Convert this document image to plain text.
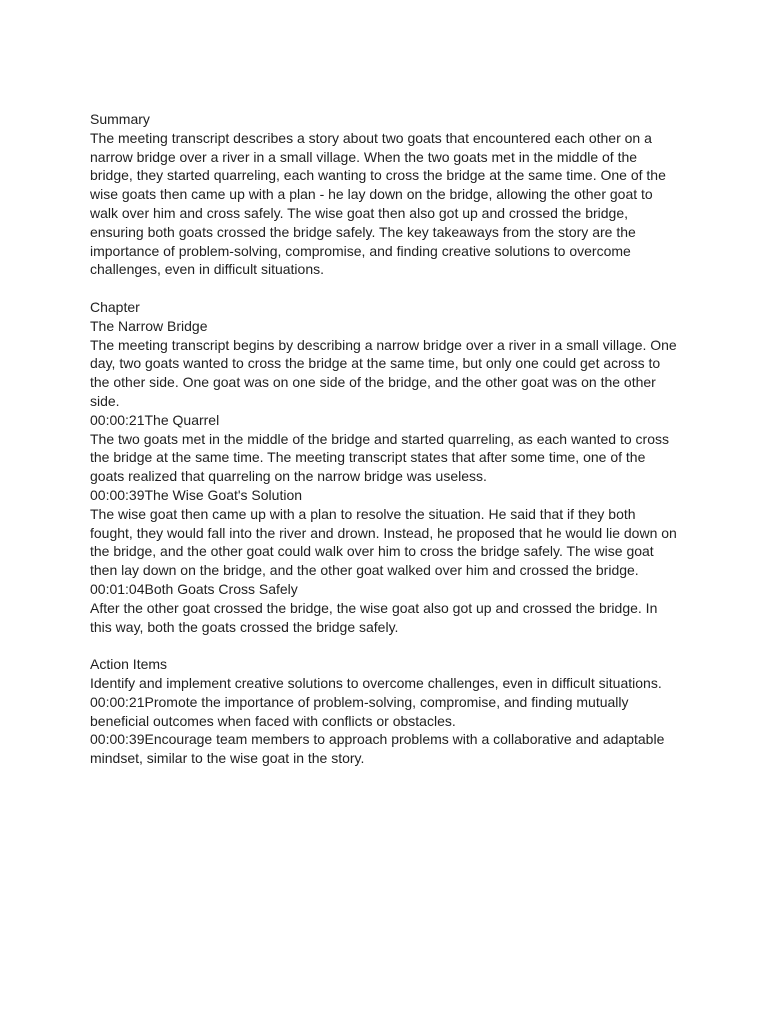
Summary
The meeting transcript describes a story about two goats that encountered each other on a narrow bridge over a river in a small village. When the two goats met in the middle of the bridge, they started quarreling, each wanting to cross the bridge at the same time. One of the wise goats then came up with a plan - he lay down on the bridge, allowing the other goat to walk over him and cross safely. The wise goat then also got up and crossed the bridge, ensuring both goats crossed the bridge safely. The key takeaways from the story are the importance of problem-solving, compromise, and finding creative solutions to overcome challenges, even in difficult situations.
Chapter
The Narrow Bridge
The meeting transcript begins by describing a narrow bridge over a river in a small village. One day, two goats wanted to cross the bridge at the same time, but only one could get across to the other side. One goat was on one side of the bridge, and the other goat was on the other side.
00:00:21The Quarrel
The two goats met in the middle of the bridge and started quarreling, as each wanted to cross the bridge at the same time. The meeting transcript states that after some time, one of the goats realized that quarreling on the narrow bridge was useless.
00:00:39The Wise Goat's Solution
The wise goat then came up with a plan to resolve the situation. He said that if they both fought, they would fall into the river and drown. Instead, he proposed that he would lie down on the bridge, and the other goat could walk over him to cross the bridge safely. The wise goat then lay down on the bridge, and the other goat walked over him and crossed the bridge.
00:01:04Both Goats Cross Safely
After the other goat crossed the bridge, the wise goat also got up and crossed the bridge. In this way, both the goats crossed the bridge safely.
Action Items
Identify and implement creative solutions to overcome challenges, even in difficult situations.
00:00:21Promote the importance of problem-solving, compromise, and finding mutually beneficial outcomes when faced with conflicts or obstacles.
00:00:39Encourage team members to approach problems with a collaborative and adaptable mindset, similar to the wise goat in the story.
